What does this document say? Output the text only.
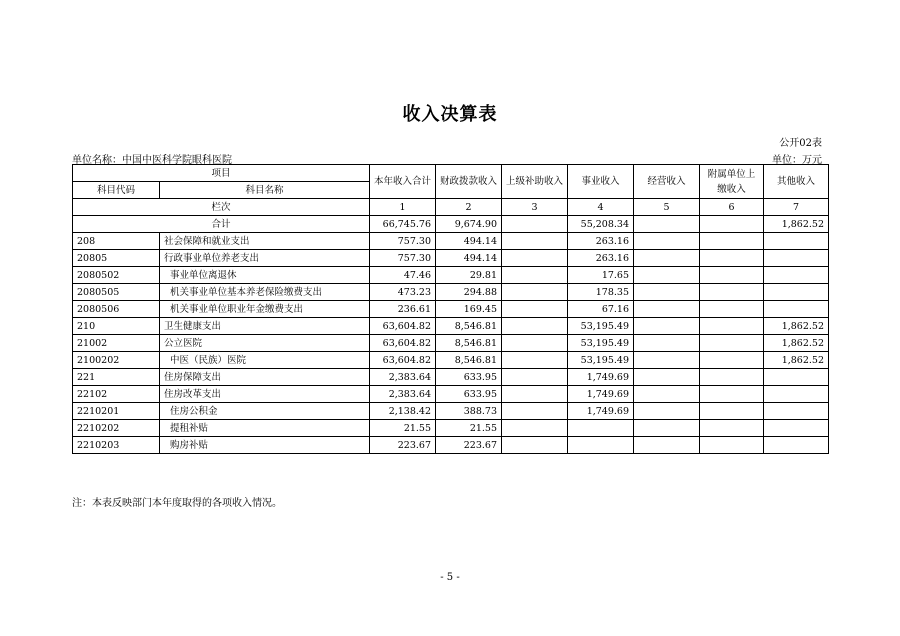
收入决算表
公开02表
单位名称：中国中医科学院眼科医院	单位：万元
项目		本年收入合计	财政拨款收入	上级补助收入	事业收入	经营收入	附属单位上缴收入	其他收入
科目代码	科目名称							
栏次		1	2	3	4	5	6	7
合计		66,745.76	9,674.90		55,208.34			1,862.52
208	社会保障和就业支出	757.30	494.14		263.16			
20805	行政事业单位养老支出	757.30	494.14		263.16			
2080502	事业单位离退休	47.46	29.81		17.65			
2080505	机关事业单位基本养老保险缴费支出	473.23	294.88		178.35			
2080506	机关事业单位职业年金缴费支出	236.61	169.45		67.16			
210	卫生健康支出	63,604.82	8,546.81		53,195.49			1,862.52
21002	公立医院	63,604.82	8,546.81		53,195.49			1,862.52
2100202	中医（民族）医院	63,604.82	8,546.81		53,195.49			1,862.52
221	住房保障支出	2,383.64	633.95		1,749.69			
22102	住房改革支出	2,383.64	633.95		1,749.69			
2210201	住房公积金	2,138.42	388.73		1,749.69			
2210202	提租补贴	21.55	21.55					
2210203	购房补贴	223.67	223.67					
注：本表反映部门本年度取得的各项收入情况。
- 5 -
